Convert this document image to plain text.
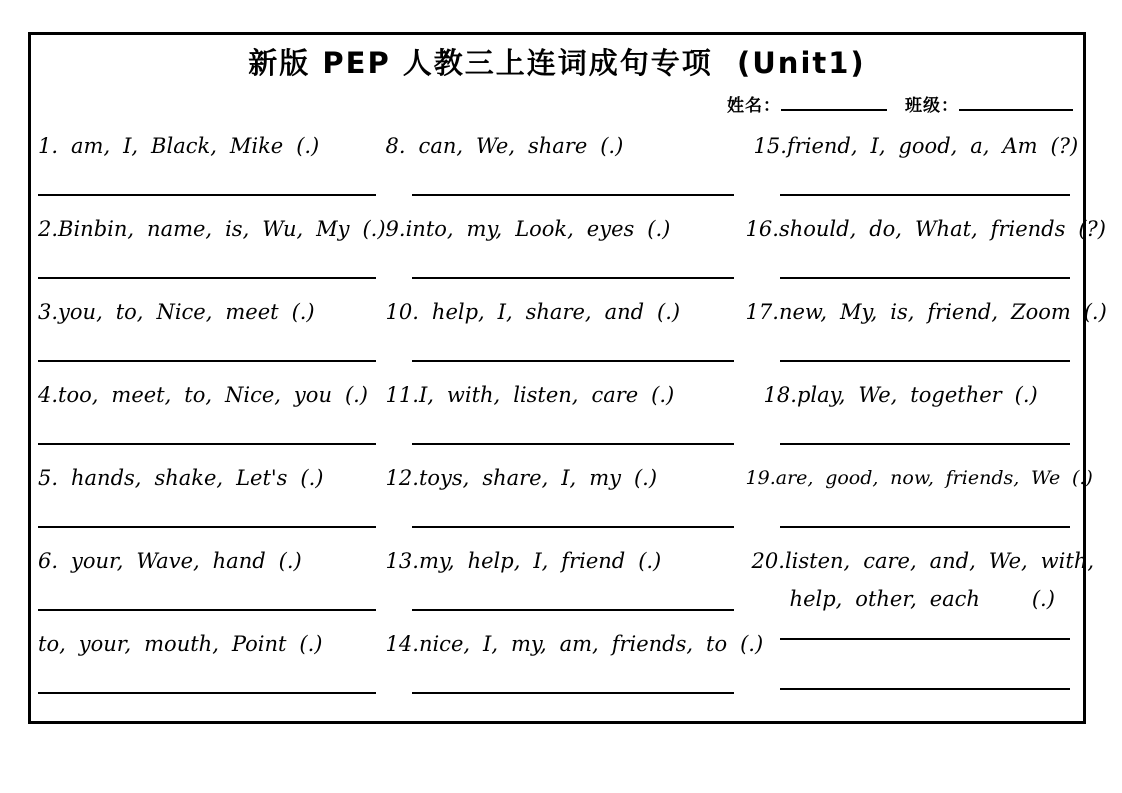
新版 PEP 人教三上连词成句专项  (Unit1)
姓名：	班级：
1. am, I, Black, Mike (.)
2.Binbin, name, is, Wu, My (.)
3.you, to, Nice, meet (.)
4.too, meet, to, Nice, you (.)
5. hands, shake, Let's (.)
6. your, Wave, hand (.)
to, your, mouth, Point (.)
8. can, We, share (.)
9.into, my, Look, eyes (.)
10. help, I, share, and (.)
11.I, with, listen, care (.)
12.toys, share, I, my (.)
13.my, help, I, friend (.)
14.nice, I, my, am, friends, to (.)
15.friend, I, good, a, Am (?)
16.should, do, What, friends (?)
17.new, My, is, friend, Zoom (.)
18.play, We, together (.)
19.are, good, now, friends, We (.)
20.listen, care, and, We, with,
help, other, each    (.)
